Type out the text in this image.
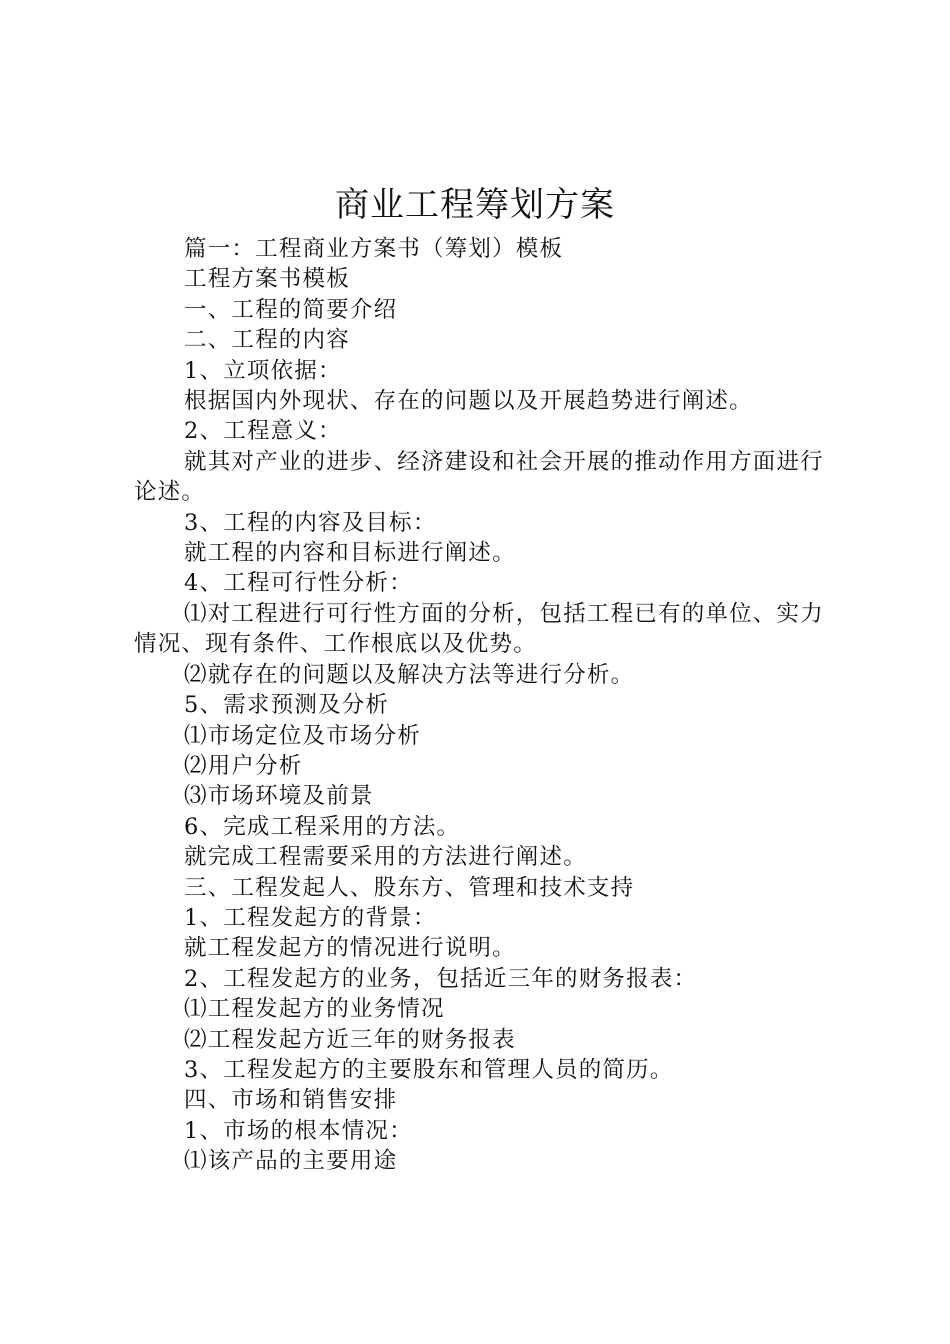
商业工程筹划方案

篇一：工程商业方案书（筹划）模板

工程方案书模板

一、工程的简要介绍

二、工程的内容

1、立项依据：

根据国内外现状、存在的问题以及开展趋势进行阐述。

2、工程意义：

就其对产业的进步、经济建设和社会开展的推动作用方面进行论述。

3、工程的内容及目标：

就工程的内容和目标进行阐述。

4、工程可行性分析：

⑴对工程进行可行性方面的分析，包括工程已有的单位、实力情况、现有条件、工作根底以及优势。

⑵就存在的问题以及解决方法等进行分析。

5、需求预测及分析

⑴市场定位及市场分析

⑵用户分析

⑶市场环境及前景

6、完成工程采用的方法。

就完成工程需要采用的方法进行阐述。

三、工程发起人、股东方、管理和技术支持

1、工程发起方的背景：

就工程发起方的情况进行说明。

2、工程发起方的业务，包括近三年的财务报表：

⑴工程发起方的业务情况

⑵工程发起方近三年的财务报表

3、工程发起方的主要股东和管理人员的简历。

四、市场和销售安排

1、市场的根本情况：

⑴该产品的主要用途
